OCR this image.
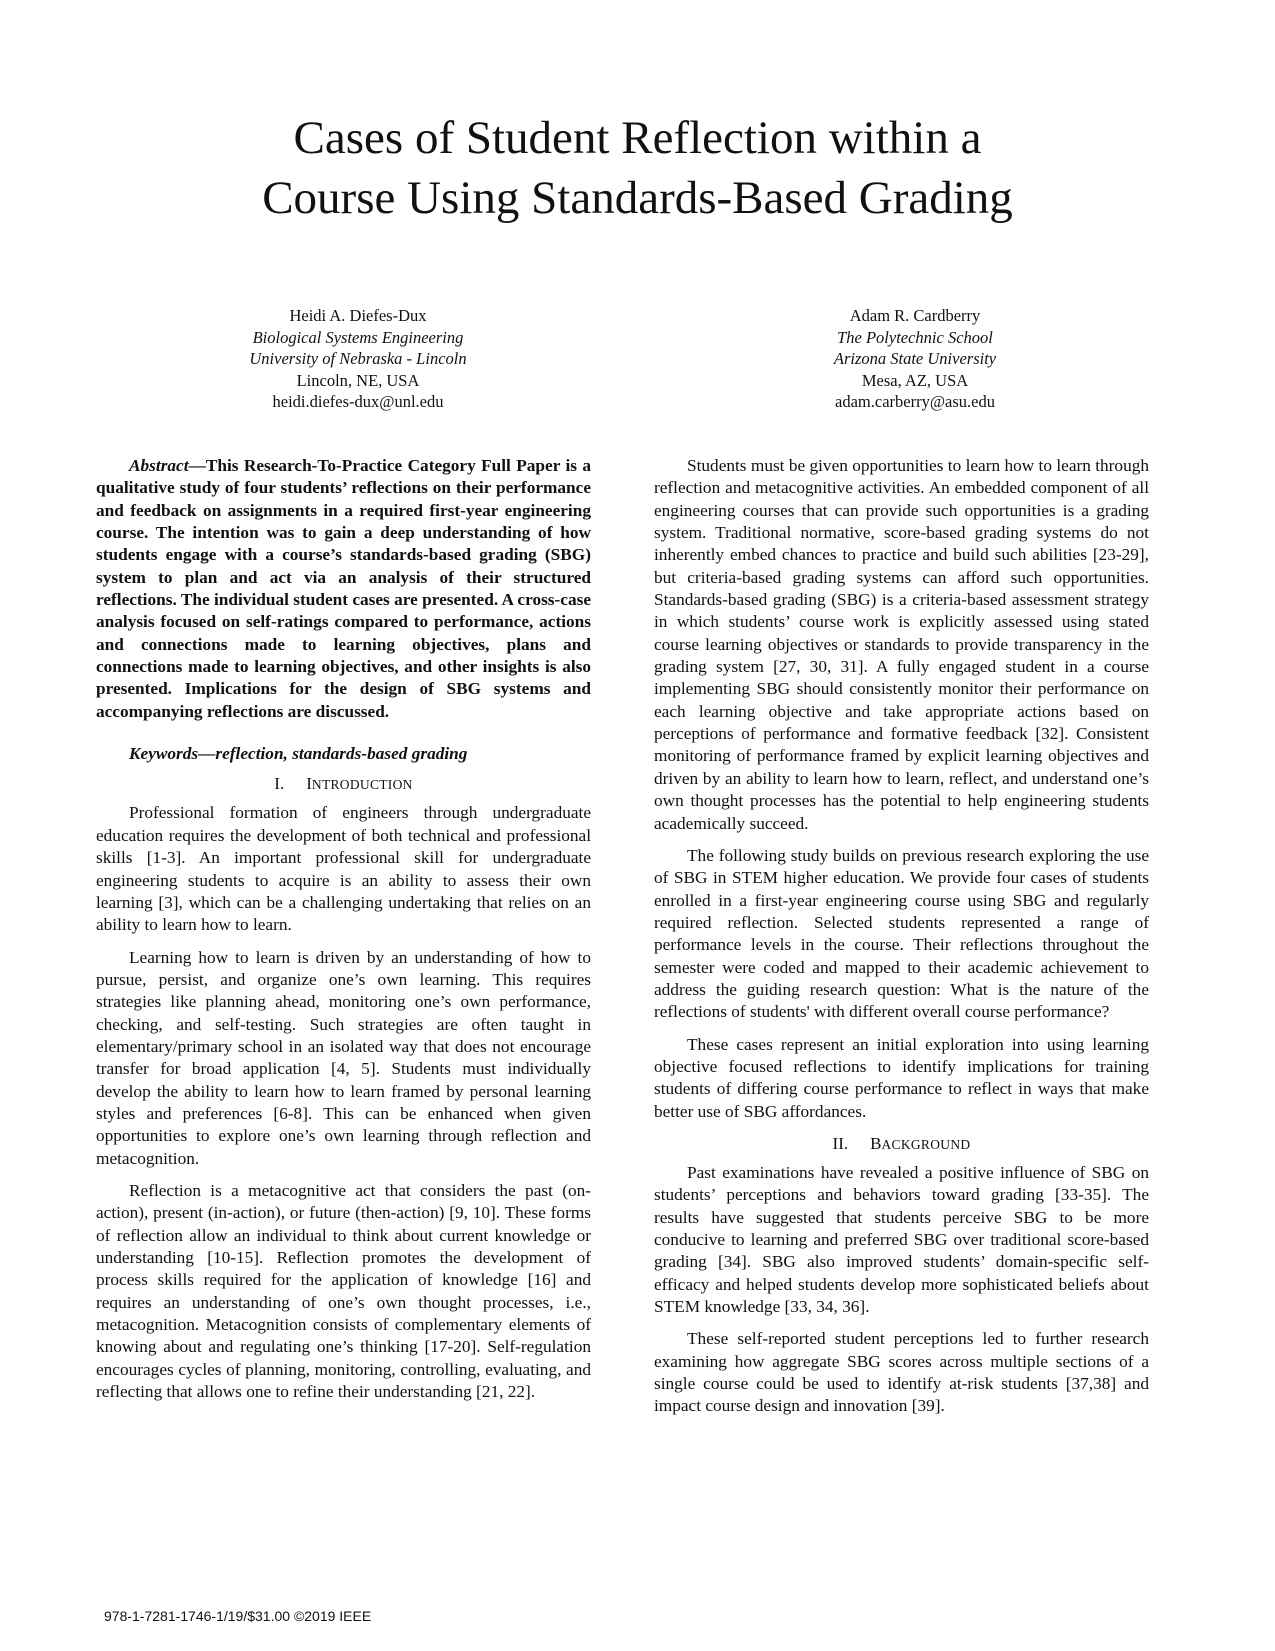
Cases of Student Reflection within a
Course Using Standards-Based Grading
Heidi A. Diefes-Dux
Biological Systems Engineering
University of Nebraska - Lincoln
Lincoln, NE, USA
heidi.diefes-dux@unl.edu
Adam R. Cardberry
The Polytechnic School
Arizona State University
Mesa, AZ, USA
adam.carberry@asu.edu

Abstract—This Research-To-Practice Category Full Paper is a qualitative study of four students’ reflections on their performance and feedback on assignments in a required first-year engineering course. The intention was to gain a deep understanding of how students engage with a course’s standards-based grading (SBG) system to plan and act via an analysis of their structured reflections. The individual student cases are presented. A cross-case analysis focused on self-ratings compared to performance, actions and connections made to learning objectives, plans and connections made to learning objectives, and other insights is also presented. Implications for the design of SBG systems and accompanying reflections are discussed.

Keywords—reflection, standards-based grading

I. INTRODUCTION

Professional formation of engineers through undergraduate education requires the development of both technical and professional skills [1-3]. An important professional skill for undergraduate engineering students to acquire is an ability to assess their own learning [3], which can be a challenging undertaking that relies on an ability to learn how to learn.

Learning how to learn is driven by an understanding of how to pursue, persist, and organize one’s own learning. This requires strategies like planning ahead, monitoring one’s own performance, checking, and self-testing. Such strategies are often taught in elementary/primary school in an isolated way that does not encourage transfer for broad application [4, 5]. Students must individually develop the ability to learn how to learn framed by personal learning styles and preferences [6-8]. This can be enhanced when given opportunities to explore one’s own learning through reflection and metacognition.

Reflection is a metacognitive act that considers the past (on-action), present (in-action), or future (then-action) [9, 10]. These forms of reflection allow an individual to think about current knowledge or understanding [10-15]. Reflection promotes the development of process skills required for the application of knowledge [16] and requires an understanding of one’s own thought processes, i.e., metacognition. Metacognition consists of complementary elements of knowing about and regulating one’s thinking [17-20]. Self-regulation encourages cycles of planning, monitoring, controlling, evaluating, and reflecting that allows one to refine their understanding [21, 22].

Students must be given opportunities to learn how to learn through reflection and metacognitive activities. An embedded component of all engineering courses that can provide such opportunities is a grading system. Traditional normative, score-based grading systems do not inherently embed chances to practice and build such abilities [23-29], but criteria-based grading systems can afford such opportunities. Standards-based grading (SBG) is a criteria-based assessment strategy in which students’ course work is explicitly assessed using stated course learning objectives or standards to provide transparency in the grading system [27, 30, 31]. A fully engaged student in a course implementing SBG should consistently monitor their performance on each learning objective and take appropriate actions based on perceptions of performance and formative feedback [32]. Consistent monitoring of performance framed by explicit learning objectives and driven by an ability to learn how to learn, reflect, and understand one’s own thought processes has the potential to help engineering students academically succeed.

The following study builds on previous research exploring the use of SBG in STEM higher education. We provide four cases of students enrolled in a first-year engineering course using SBG and regularly required reflection. Selected students represented a range of performance levels in the course. Their reflections throughout the semester were coded and mapped to their academic achievement to address the guiding research question: What is the nature of the reflections of students' with different overall course performance?

These cases represent an initial exploration into using learning objective focused reflections to identify implications for training students of differing course performance to reflect in ways that make better use of SBG affordances.

II. BACKGROUND

Past examinations have revealed a positive influence of SBG on students’ perceptions and behaviors toward grading [33-35]. The results have suggested that students perceive SBG to be more conducive to learning and preferred SBG over traditional score-based grading [34]. SBG also improved students’ domain-specific self-efficacy and helped students develop more sophisticated beliefs about STEM knowledge [33, 34, 36].

These self-reported student perceptions led to further research examining how aggregate SBG scores across multiple sections of a single course could be used to identify at-risk students [37,38] and impact course design and innovation [39].

978-1-7281-1746-1/19/$31.00 ©2019 IEEE
